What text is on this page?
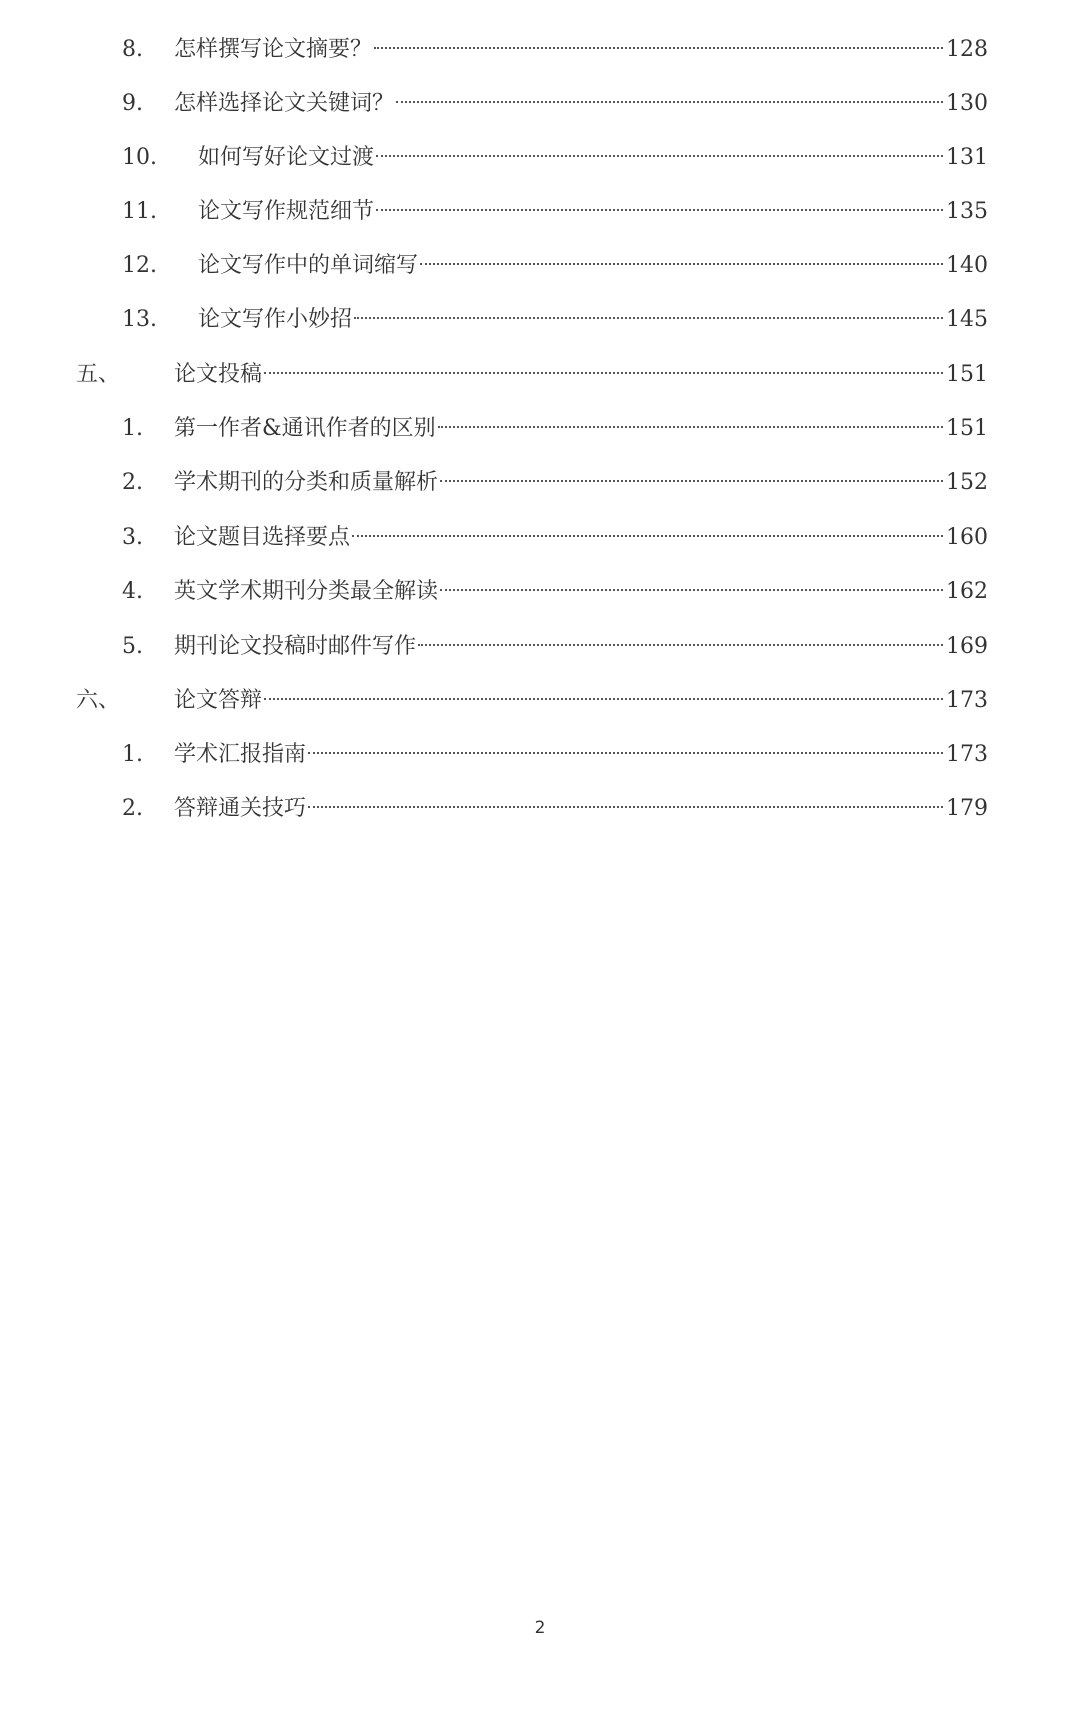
8. 怎样撰写论文摘要？	128
9. 怎样选择论文关键词？	130
10. 如何写好论文过渡	131
11. 论文写作规范细节	135
12. 论文写作中的单词缩写	140
13. 论文写作小妙招	145
五、 论文投稿	151
1. 第一作者&通讯作者的区别	151
2. 学术期刊的分类和质量解析	152
3. 论文题目选择要点	160
4. 英文学术期刊分类最全解读	162
5. 期刊论文投稿时邮件写作	169
六、 论文答辩	173
1. 学术汇报指南	173
2. 答辩通关技巧	179
2
